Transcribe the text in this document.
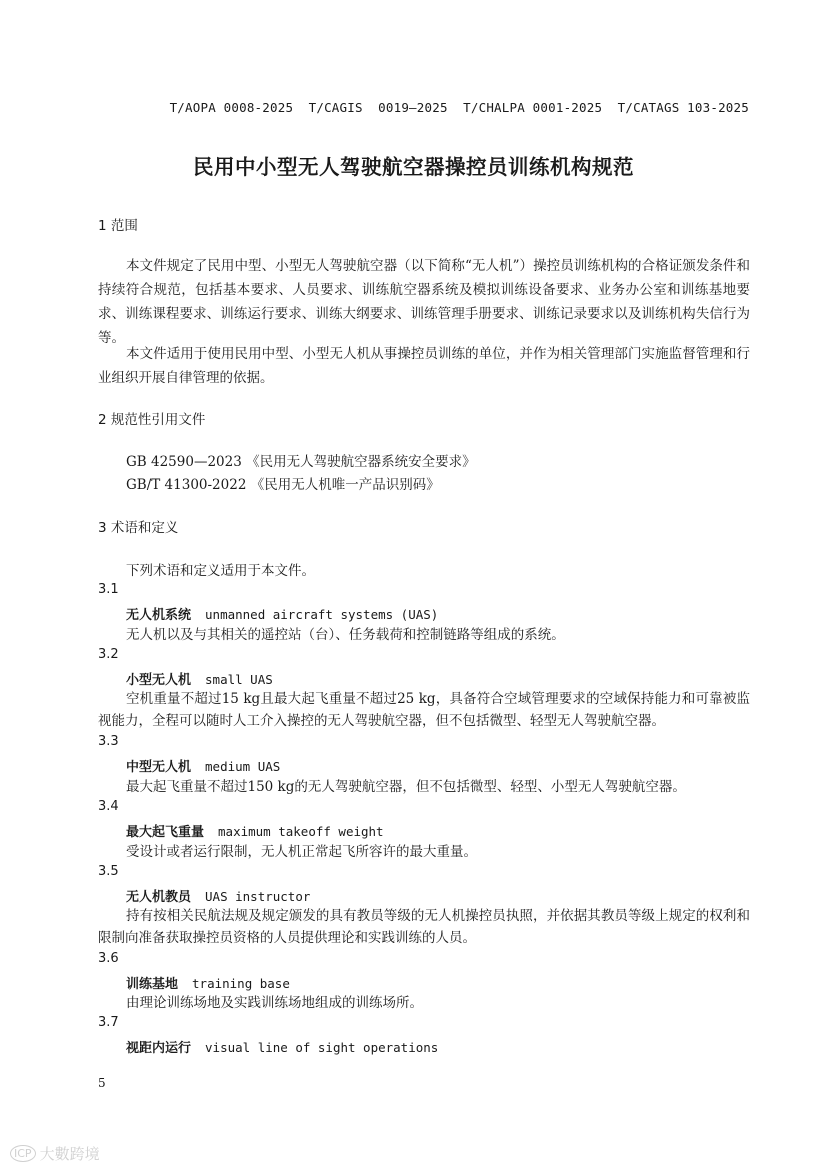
T/AOPA 0008-2025  T/CAGIS  0019—2025  T/CHALPA 0001-2025  T/CATAGS 103-2025
民用中小型无人驾驶航空器操控员训练机构规范
1 范围

本文件规定了民用中型、小型无人驾驶航空器（以下简称“无人机”）操控员训练机构的合格证颁发条件和持续符合规范，包括基本要求、人员要求、训练航空器系统及模拟训练设备要求、业务办公室和训练基地要求、训练课程要求、训练运行要求、训练大纲要求、训练管理手册要求、训练记录要求以及训练机构失信行为等。

本文件适用于使用民用中型、小型无人机从事操控员训练的单位，并作为相关管理部门实施监督管理和行业组织开展自律管理的依据。

2 规范性引用文件
GB 42590—2023 《民用无人驾驶航空器系统安全要求》
GB/T 41300-2022 《民用无人机唯一产品识别码》
3 术语和定义
下列术语和定义适用于本文件。
3.1
无人机系统 unmanned aircraft systems (UAS)

无人机以及与其相关的遥控站（台）、任务载荷和控制链路等组成的系统。

3.2
小型无人机 small UAS

空机重量不超过15 kg且最大起飞重量不超过25 kg，具备符合空域管理要求的空域保持能力和可靠被监视能力，全程可以随时人工介入操控的无人驾驶航空器，但不包括微型、轻型无人驾驶航空器。

3.3
中型无人机 medium UAS

最大起飞重量不超过150 kg的无人驾驶航空器，但不包括微型、轻型、小型无人驾驶航空器。

3.4
最大起飞重量 maximum takeoff weight

受设计或者运行限制，无人机正常起飞所容许的最大重量。

3.5
无人机教员 UAS instructor

持有按相关民航法规及规定颁发的具有教员等级的无人机操控员执照，并依据其教员等级上规定的权利和限制向准备获取操控员资格的人员提供理论和实践训练的人员。

3.6
训练基地 training base

由理论训练场地及实践训练场地组成的训练场所。

3.7
视距内运行 visual line of sight operations
5
ICP 大數跨境
